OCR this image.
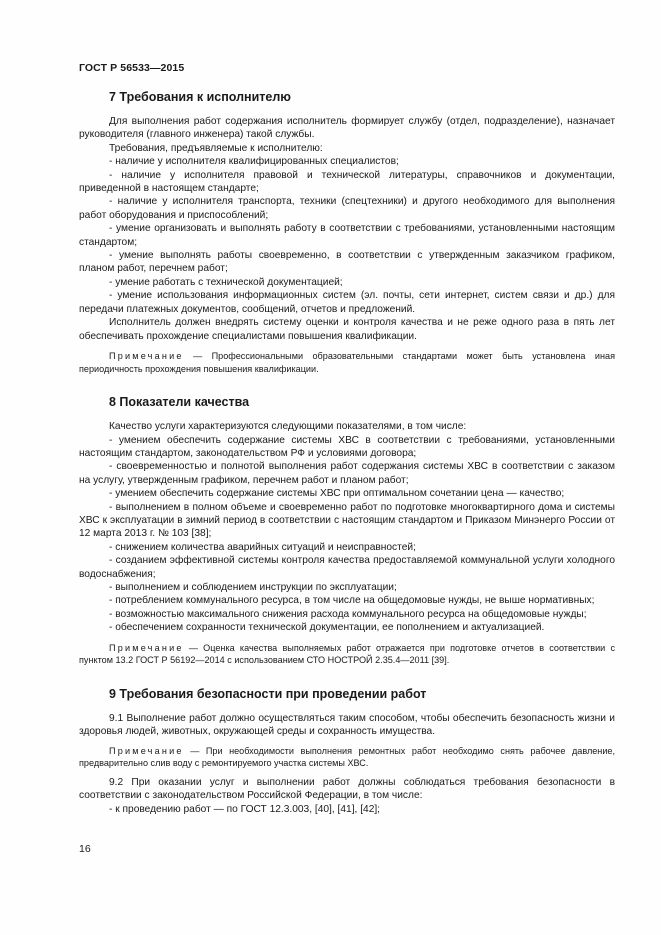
ГОСТ Р 56533—2015
7 Требования к исполнителю

Для выполнения работ содержания исполнитель формирует службу (отдел, подразделение), назначает руководителя (главного инженера) такой службы.

Требования, предъявляемые к исполнителю:

- наличие у исполнителя квалифицированных специалистов;

- наличие у исполнителя правовой и технической литературы, справочников и документации, приведенной в настоящем стандарте;

- наличие у исполнителя транспорта, техники (спецтехники) и другого необходимого для выполнения работ оборудования и приспособлений;

- умение организовать и выполнять работу в соответствии с требованиями, установленными настоящим стандартом;

- умение выполнять работы своевременно, в соответствии с утвержденным заказчиком графиком, планом работ, перечнем работ;

- умение работать с технической документацией;

- умение использования информационных систем (эл. почты, сети интернет, систем связи и др.) для передачи платежных документов, сообщений, отчетов и предложений.

Исполнитель должен внедрять систему оценки и контроля качества и не реже одного раза в пять лет обеспечивать прохождение специалистами повышения квалификации.

Примечание — Профессиональными образовательными стандартами может быть установлена иная периодичность прохождения повышения квалификации.

8 Показатели качества

Качество услуги характеризуются следующими показателями, в том числе:

- умением обеспечить содержание системы ХВС в соответствии с требованиями, установленными настоящим стандартом, законодательством РФ и условиями договора;

- своевременностью и полнотой выполнения работ содержания системы ХВС в соответствии с заказом на услугу, утвержденным графиком, перечнем работ и планом работ;

- умением обеспечить содержание системы ХВС при оптимальном сочетании цена — качество;

- выполнением в полном объеме и своевременно работ по подготовке многоквартирного дома и системы ХВС к эксплуатации в зимний период в соответствии с настоящим стандартом и Приказом Минэнерго России от 12 марта 2013 г. № 103 [38];

- снижением количества аварийных ситуаций и неисправностей;

- созданием эффективной системы контроля качества предоставляемой коммунальной услуги холодного водоснабжения;

- выполнением и соблюдением инструкции по эксплуатации;

- потреблением коммунального ресурса, в том числе на общедомовые нужды, не выше нормативных;

- возможностью максимального снижения расхода коммунального ресурса на общедомовые нужды;

- обеспечением сохранности технической документации, ее пополнением и актуализацией.

Примечание — Оценка качества выполняемых работ отражается при подготовке отчетов в соответствии с пунктом 13.2 ГОСТ Р 56192—2014 с использованием СТО НОСТРОЙ 2.35.4—2011 [39].

9 Требования безопасности при проведении работ

9.1 Выполнение работ должно осуществляться таким способом, чтобы обеспечить безопасность жизни и здоровья людей, животных, окружающей среды и сохранность имущества.

Примечание — При необходимости выполнения ремонтных работ необходимо снять рабочее давление, предварительно слив воду с ремонтируемого участка системы ХВС.

9.2 При оказании услуг и выполнении работ должны соблюдаться требования безопасности в соответствии с законодательством Российской Федерации, в том числе:

- к проведению работ — по ГОСТ 12.3.003, [40], [41], [42];

16
